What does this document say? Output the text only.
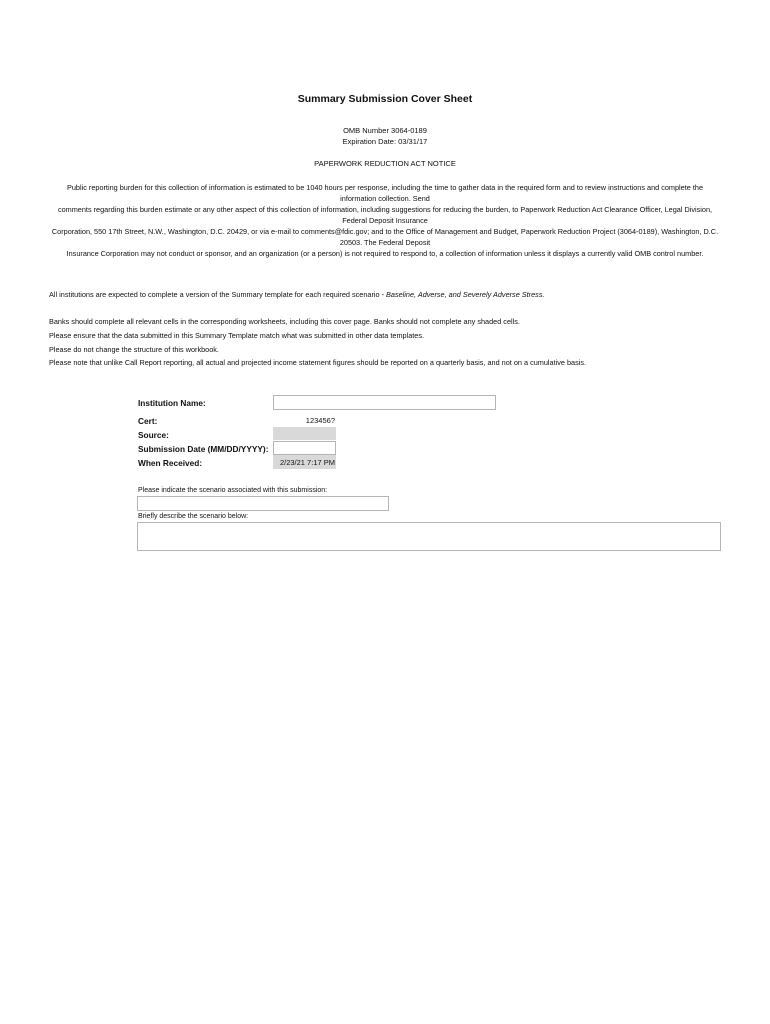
Summary Submission Cover Sheet
OMB Number 3064-0189
Expiration Date: 03/31/17
PAPERWORK REDUCTION ACT NOTICE
Public reporting burden for this collection of information is estimated to be 1040 hours per response, including the time to gather data in the required form and to review instructions and complete the information collection. Send
comments regarding this burden estimate or any other aspect of this collection of information, including suggestions for reducing the burden, to Paperwork Reduction Act Clearance Officer, Legal Division, Federal Deposit Insurance
Corporation, 550 17th Street, N.W., Washington, D.C. 20429, or via e-mail to comments@fdic.gov; and to the Office of Management and Budget, Paperwork Reduction Project (3064-0189), Washington, D.C. 20503. The Federal Deposit
Insurance Corporation may not conduct or sponsor, and an organization (or a person) is not required to respond to, a collection of information unless it displays a currently valid OMB control number.
All institutions are expected to complete a version of the Summary template for each required scenario - Baseline, Adverse, and Severely Adverse Stress.
Banks should complete all relevant cells in the corresponding worksheets, including this cover page. Banks should not complete any shaded cells.
Please ensure that the data submitted in this Summary Template match what was submitted in other data templates.
Please do not change the structure of this workbook.
Please note that unlike Call Report reporting, all actual and projected income statement figures should be reported on a quarterly basis, and not on a cumulative basis.
Institution Name:
Cert:	123456?
Source:
Submission Date (MM/DD/YYYY):
When Received:	2/23/21 7:17 PM
Please indicate the scenario associated with this submission:
Briefly describe the scenario below:
